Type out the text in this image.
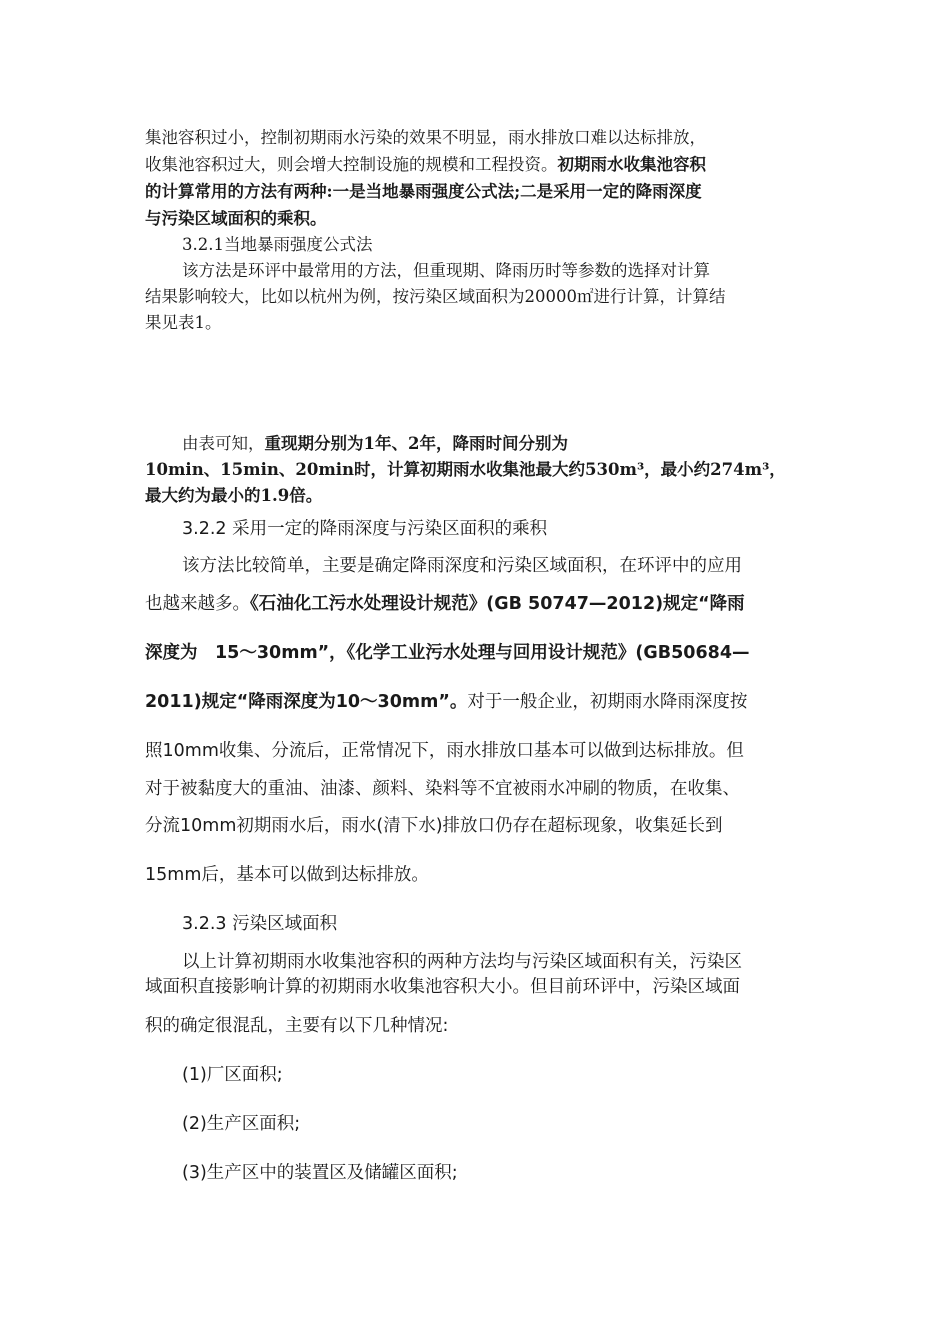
集池容积过小，控制初期雨水污染的效果不明显，雨水排放口难以达标排放，
收集池容积过大，则会增大控制设施的规模和工程投资。初期雨水收集池容积
的计算常用的方法有两种:一是当地暴雨强度公式法;二是采用一定的降雨深度
与污染区域面积的乘积。
3.2.1当地暴雨强度公式法
该方法是环评中最常用的方法，但重现期、降雨历时等参数的选择对计算
结果影响较大，比如以杭州为例，按污染区域面积为20000㎡进行计算，计算结
果见表1。
由表可知，重现期分别为1年、2年，降雨时间分别为
10min、15min、20min时，计算初期雨水收集池最大约530m³，最小约274m³，
最大约为最小的1.9倍。
3.2.2 采用一定的降雨深度与污染区面积的乘积
该方法比较简单，主要是确定降雨深度和污染区域面积，在环评中的应用
也越来越多。《石油化工污水处理设计规范》(GB 50747—2012)规定“降雨
深度为　15～30mm”，《化学工业污水处理与回用设计规范》(GB50684—
2011)规定“降雨深度为10～30mm”。对于一般企业，初期雨水降雨深度按
照10mm收集、分流后，正常情况下，雨水排放口基本可以做到达标排放。但
对于被黏度大的重油、油漆、颜料、染料等不宜被雨水冲刷的物质，在收集、
分流10mm初期雨水后，雨水(清下水)排放口仍存在超标现象，收集延长到
15mm后，基本可以做到达标排放。
3.2.3 污染区域面积
以上计算初期雨水收集池容积的两种方法均与污染区域面积有关，污染区
域面积直接影响计算的初期雨水收集池容积大小。但目前环评中，污染区域面
积的确定很混乱，主要有以下几种情况:
(1)厂区面积;
(2)生产区面积;
(3)生产区中的装置区及储罐区面积;
